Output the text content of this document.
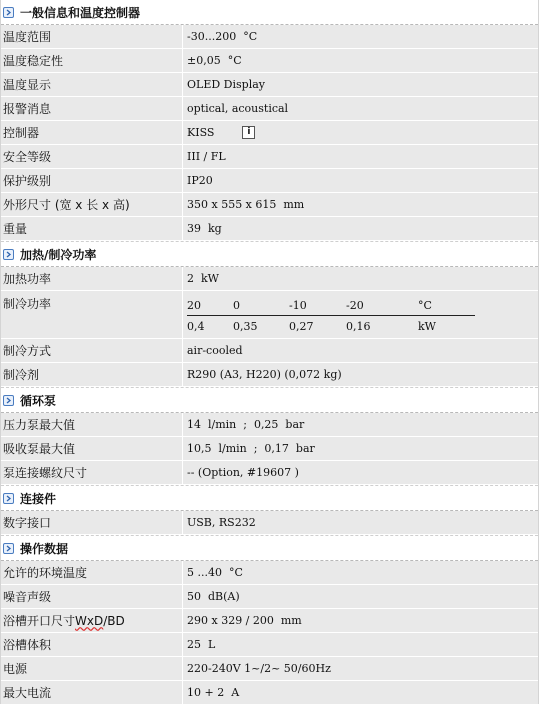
一般信息和温度控制器
温度范围	-30...200  °C
温度稳定性	±0,05  °C
温度显示	OLED Display
报警消息	optical, acoustical
控制器	KISS	i
安全等级	III / FL
保护级别	IP20
外形尺寸 (宽 x 长 x 高)	350 x 555 x 615  mm
重量	39  kg
加热/制冷功率
加热功率	2  kW
制冷功率	20	0	-10	-20	°C
0,4	0,35	0,27	0,16	kW
制冷方式	air-cooled
制冷剂	R290 (A3, H220) (0,072 kg)
循环泵
压力泵最大值	14  l/min  ;  0,25  bar
吸收泵最大值	10,5  l/min  ;  0,17  bar
泵连接螺纹尺寸	-- (Option, #19607 )
连接件
数字接口	USB, RS232
操作数据
允许的环境温度	5 ...40  °C
噪音声级	50  dB(A)
浴槽开口尺寸 WxD /BD	290 x 329 / 200  mm
浴槽体积	25  L
电源	220-240V 1~/2~ 50/60Hz
最大电流	10 + 2  A
